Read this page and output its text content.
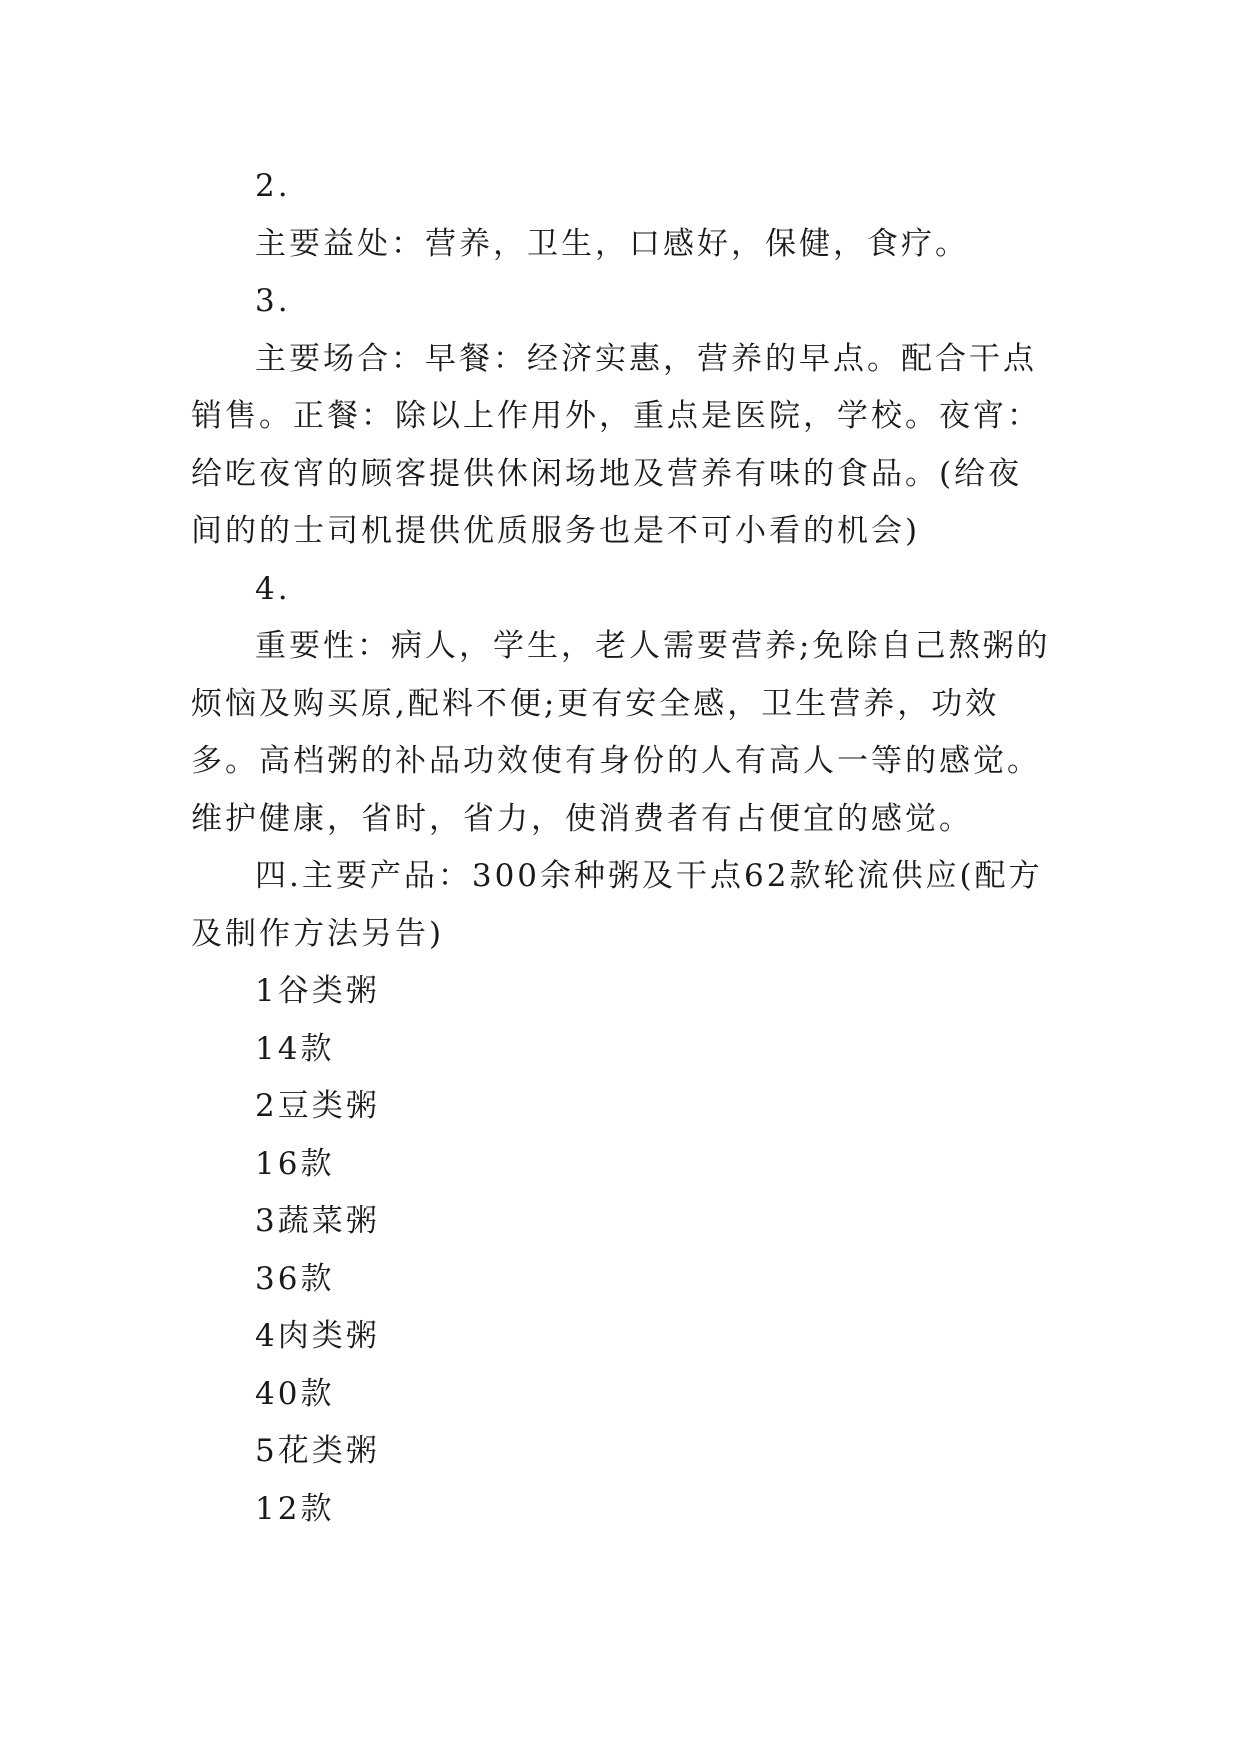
2.

主要益处：营养，卫生，口感好，保健，食疗。

3.

主要场合：早餐：经济实惠，营养的早点。配合干点销售。正餐：除以上作用外，重点是医院，学校。夜宵：给吃夜宵的顾客提供休闲场地及营养有味的食品。(给夜间的的士司机提供优质服务也是不可小看的机会)

4.

重要性：病人，学生，老人需要营养;免除自己熬粥的烦恼及购买原,配料不便;更有安全感，卫生营养，功效多。高档粥的补品功效使有身份的人有高人一等的感觉。维护健康，省时，省力，使消费者有占便宜的感觉。

四.主要产品：300余种粥及干点62款轮流供应(配方及制作方法另告)

1谷类粥

14款

2豆类粥

16款

3蔬菜粥

36款

4肉类粥

40款

5花类粥

12款
